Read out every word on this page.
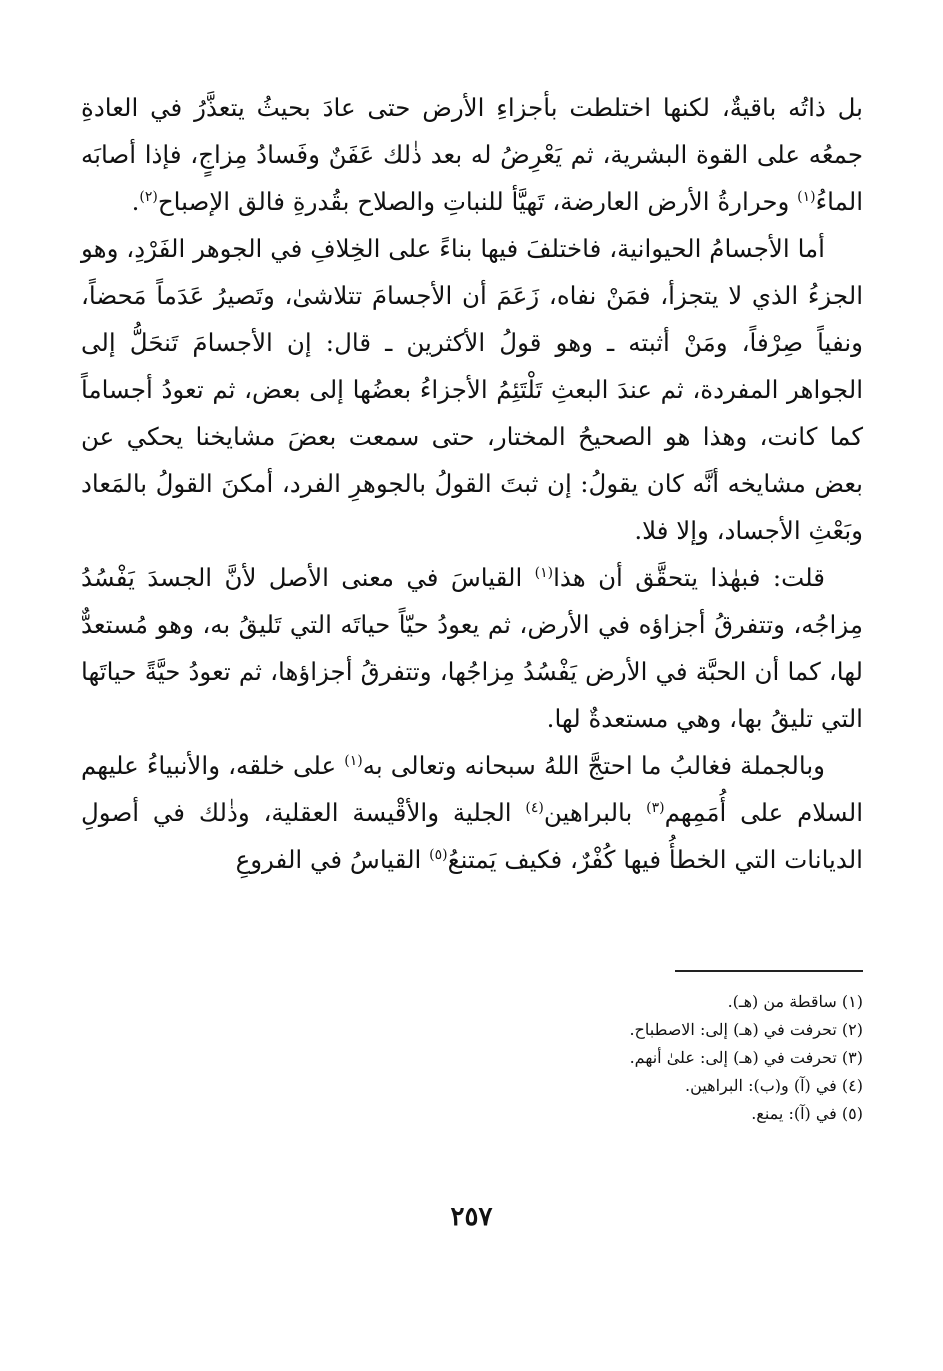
بل ذاتُه باقيةٌ، لكنها اختلطت بأجزاءِ الأرض حتى عادَ بحيثُ يتعذَّرُ في العادةِ جمعُه على القوة البشرية، ثم يَعْرِضُ له بعد ذٰلك عَفَنٌ وفَسادُ مِزاجٍ، فإذا أصابَه الماءُ$^{(١)}$ وحرارةُ الأرض العارضة، تَهيَّأ للنباتِ والصلاح بقُدرةِ فالق الإصباح$^{(٢)}$.

أما الأجسامُ الحيوانية، فاختلفَ فيها بناءً على الخِلافِ في الجوهر الفَرْدِ، وهو الجزءُ الذي لا يتجزأ، فمَنْ نفاه، زَعَمَ أن الأجسامَ تتلاشىٰ، وتَصيرُ عَدَماً مَحضاً، ونفياً صِرْفاً، ومَنْ أثبته ـ وهو قولُ الأكثرين ـ قال: إن الأجسامَ تَنحَلُّ إلى الجواهر المفردة، ثم عندَ البعثِ تَلْتَئِمُ الأجزاءُ بعضُها إلى بعض، ثم تعودُ أجساماً كما كانت، وهذا هو الصحيحُ المختار، حتى سمعت بعضَ مشايخنا يحكي عن بعض مشايخه أنَّه كان يقولُ: إن ثبتَ القولُ بالجوهرِ الفرد، أمكنَ القولُ بالمَعاد وبَعْثِ الأجساد، وإلا فلا.

قلت: فبهٰذا يتحقَّق أن هذا$^{(١)}$ القياسَ في معنى الأصل لأنَّ الجسدَ يَفْسُدُ مِزاجُه، وتتفرقُ أجزاؤه في الأرض، ثم يعودُ حيّاً حياتَه التي تَليقُ به، وهو مُستعدٌّ لها، كما أن الحبَّة في الأرض يَفْسُدُ مِزاجُها، وتتفرقُ أجزاؤها، ثم تعودُ حيَّةً حياتَها التي تليقُ بها، وهي مستعدةٌ لها.

وبالجملة فغالبُ ما احتجَّ اللهُ سبحانه وتعالى به$^{(١)}$ على خلقه، والأنبياءُ عليهم السلام على أُمَمِهم$^{(٣)}$ بالبراهين$^{(٤)}$ الجلية والأقْيسة العقلية، وذٰلك في أصولِ الديانات التي الخطأُ فيها كُفْرٌ، فكيف يَمتنعُ$^{(٥)}$ القياسُ في الفروعِ

(١) ساقطة من (هـ).

(٢) تحرفت في (هـ) إلى: الاصطباح.

(٣) تحرفت في (هـ) إلى: علىٰ أنهم.

(٤) في (آ) و(ب): البراهين.

(٥) في (آ): يمنع.

٢٥٧
